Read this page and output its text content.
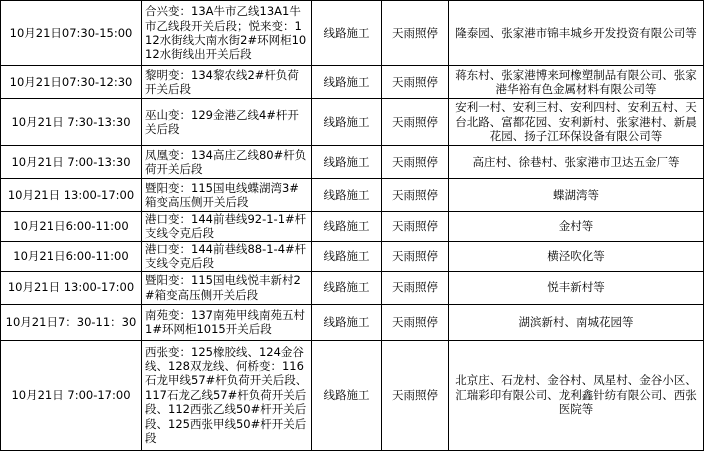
10月21日07:30-15:00	合兴变：13A牛市乙线13A1牛市乙线段开关后段；悦来变：112水街线大南水街2#环网柜1012水街线出开关后段	线路施工	天雨照停	隆泰园、张家港市锦丰城乡开发投资有限公司等
10月21日07:30-12:30	黎明变：134黎农线2#杆负荷开关后段	线路施工	天雨照停	蒋东村、张家港博来珂橡塑制品有限公司、张家港华裕有色金属材料有限公司等
10月21日 7:30-13:30	巫山变：129金港乙线4#杆开关后段	线路施工	天雨照停	安利一村、安利三村、安利四村、安利五村、天台北路、富都花园、安利新村、张家港村、新晨花园、扬子江环保设备有限公司等
10月21日 7:00-13:30	凤凰变：134高庄乙线80#杆负荷开关后段	线路施工	天雨照停	高庄村、徐巷村、张家港市卫达五金厂等
10月21日 13:00-17:00	暨阳变：115国电线蝶湖湾3#箱变高压侧开关后段	线路施工	天雨照停	蝶湖湾等
10月21日6:00-11:00	港口变：144前巷线92-1-1#杆支线令克后段	线路施工	天雨照停	金村等
10月21日6:00-11:00	港口变：144前巷线88-1-4#杆支线令克后段	线路施工	天雨照停	横泾吹化等
10月21日 13:00-17:00	暨阳变：115国电线悦丰新村2#箱变高压侧开关后段	线路施工	天雨照停	悦丰新村等
10月21日7：30-11：30	南苑变：137南苑甲线南苑五村1#环网柜1015开关后段	线路施工	天雨照停	湖滨新村、南城花园等
10月21日 7:00-17:00	西张变：125橡胶线、124金谷线、128双龙线、何桥变：116石龙甲线57#杆负荷开关后段、117石龙乙线57#杆负荷开关后段、112西张乙线50#杆开关后段、125西张甲线50#杆开关后段	线路施工	天雨照停	北京庄、石龙村、金谷村、凤星村、金谷小区、汇瑞彩印有限公司、龙利鑫针纺有限公司、西张医院等
